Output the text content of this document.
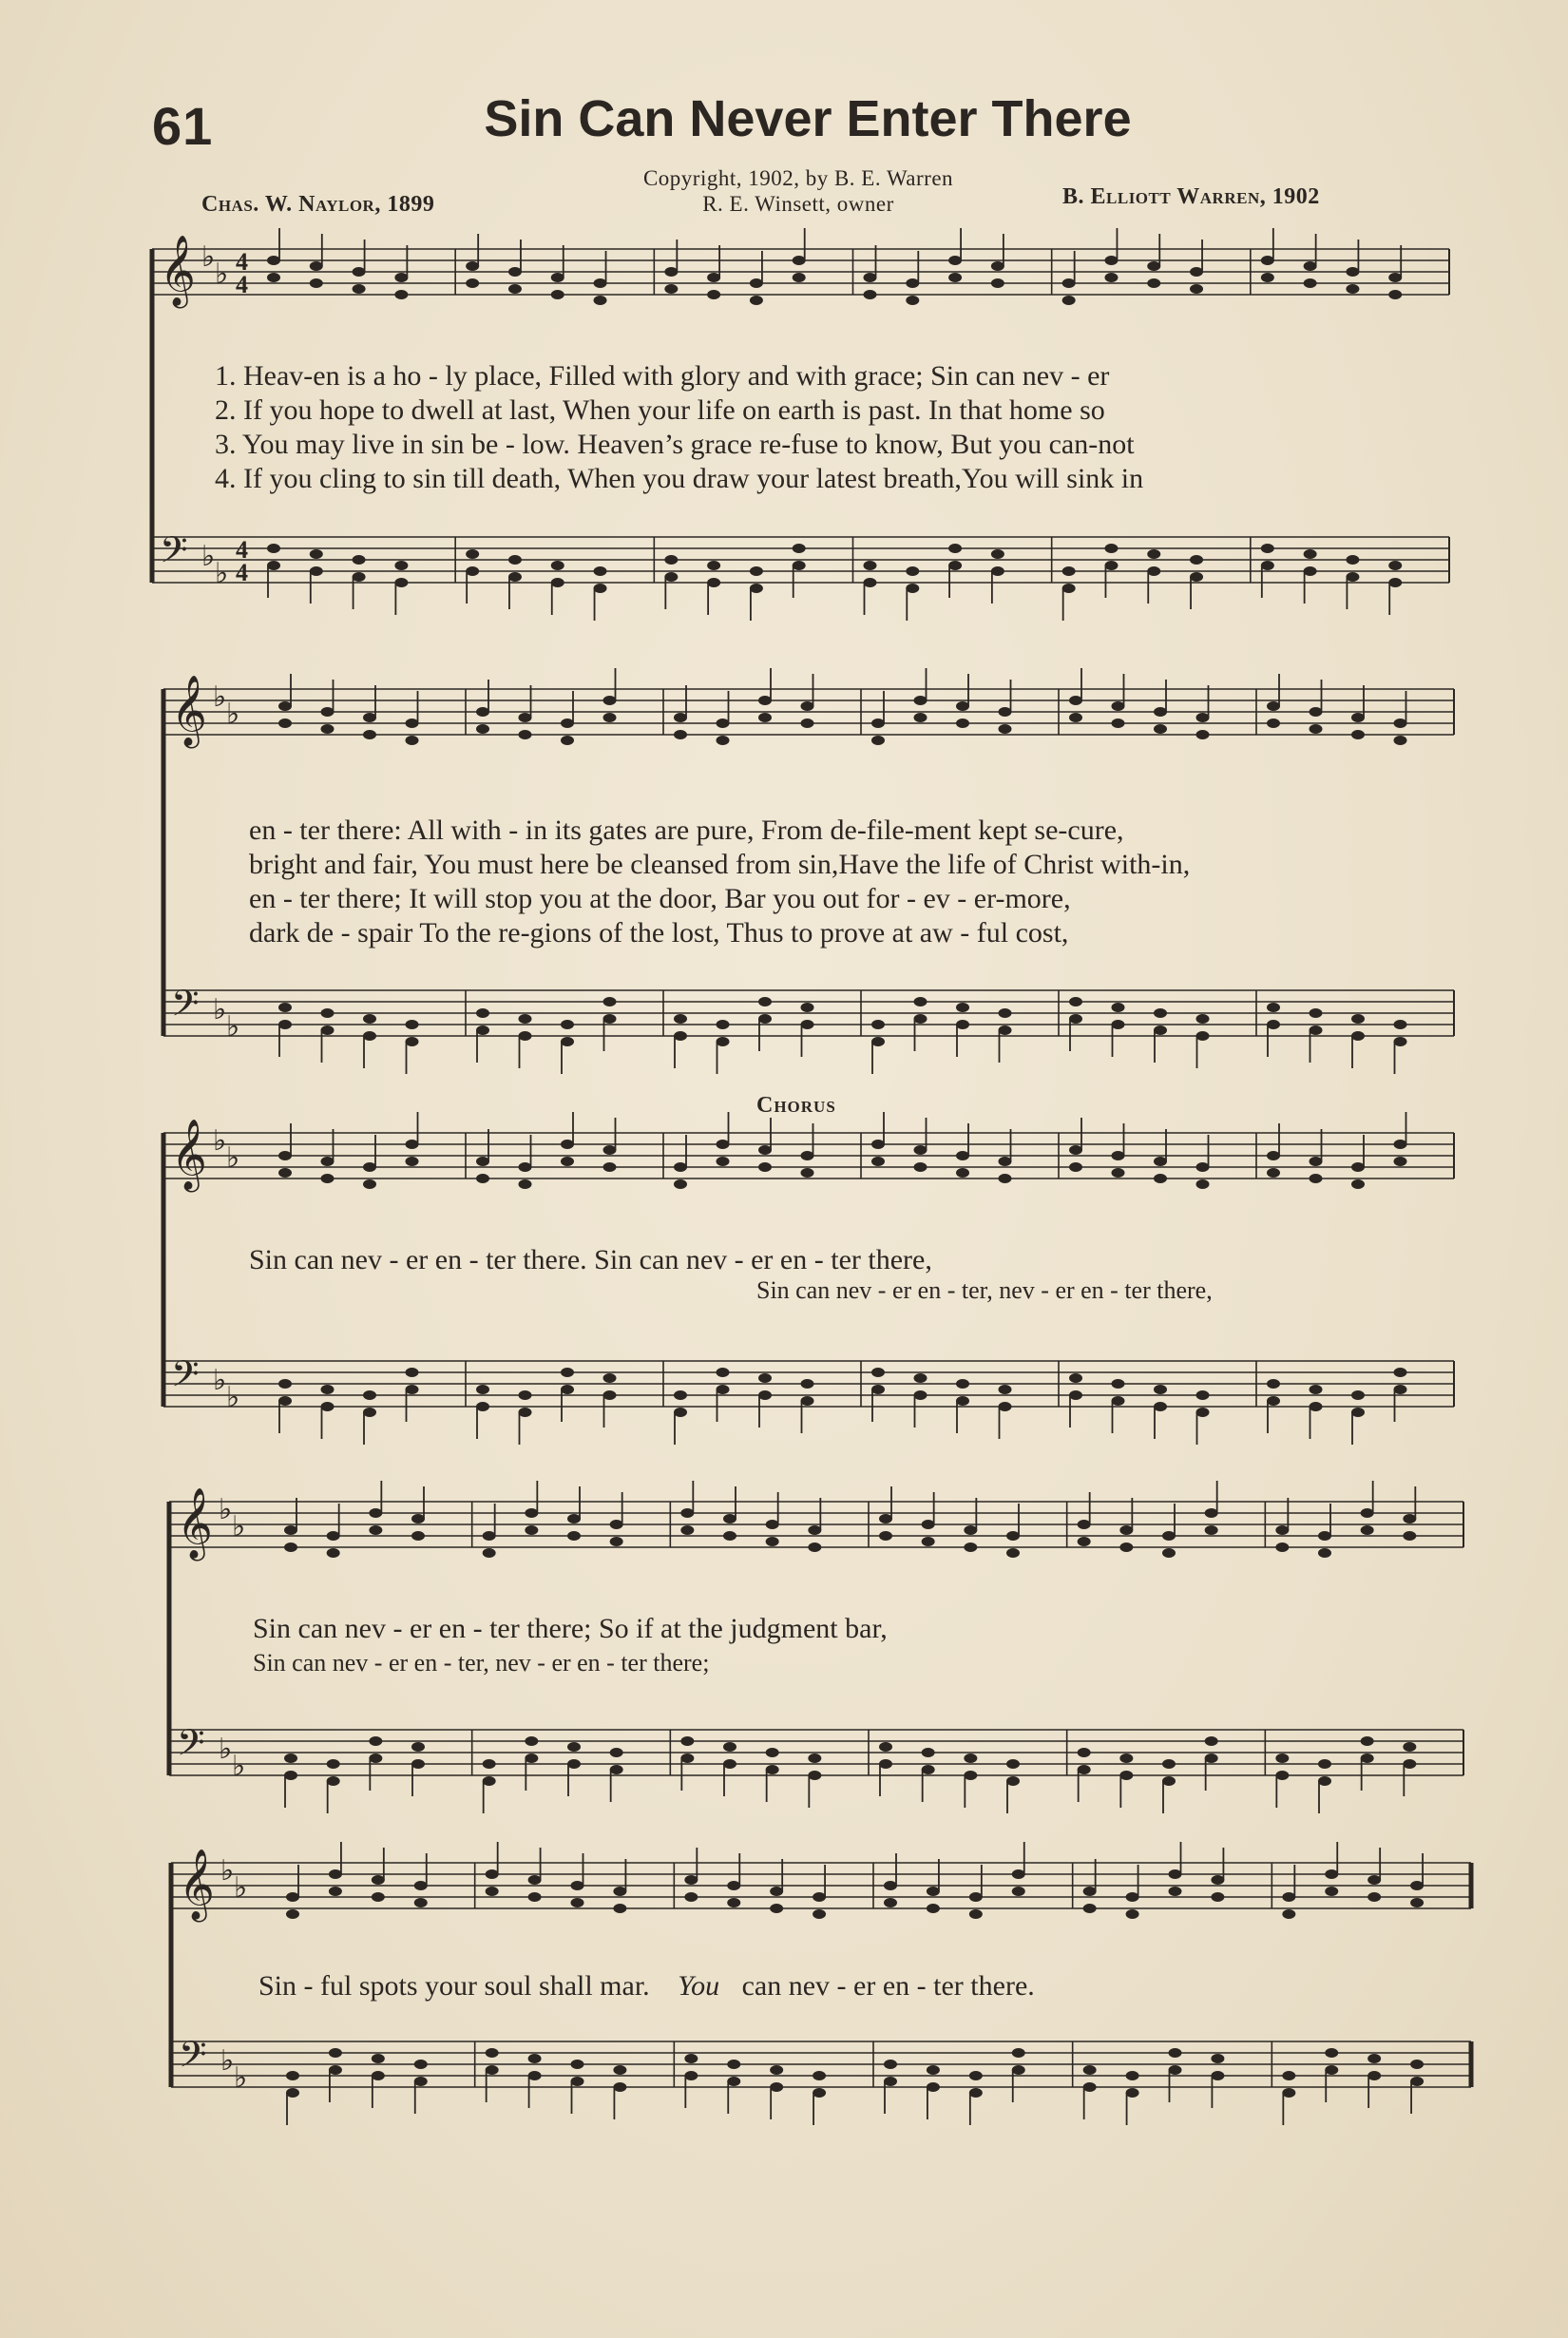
61	Sin Can Never Enter There
Copyright, 1902, by B. E. Warren
R. E. Winsett, owner
Chas. W. Naylor, 1899	B. Elliott Warren, 1902
𝄞 ♭
♭
𝄢 ♭
♭
4
4
4
4
𝄞 ♭
♭
𝄢 ♭
♭
𝄞 ♭
♭
𝄢 ♭
♭
𝄞 ♭
♭
𝄢 ♭
♭
𝄞 ♭
♭
𝄢 ♭
♭
1. Heav-en is a ho - ly place, Filled with glory and with grace; Sin can nev - er
2. If you hope to dwell at last, When your life on earth is past. In that home so
3. You may live in sin be - low. Heaven’s grace re-fuse to know, But you can-not
4. If you cling to sin till death, When you draw your latest breath,You will sink in
en - ter there: All with - in its gates are pure, From de-file-ment kept se-cure,
bright and fair, You must here be cleansed from sin,Have the life of Christ with-in,
en - ter there; It will stop you at the door, Bar you out for - ev - er-more,
dark de - spair To the re-gions of the lost, Thus to prove at aw - ful cost,
Chorus
Sin can nev - er en - ter there. Sin can nev - er en - ter there,
Sin can nev - er en - ter, nev - er en - ter there,
Sin can nev - er en - ter there; So if at the judgment bar,
Sin can nev - er en - ter, nev - er en - ter there;
Sin - ful spots your soul shall mar. You can nev - er en - ter there.
